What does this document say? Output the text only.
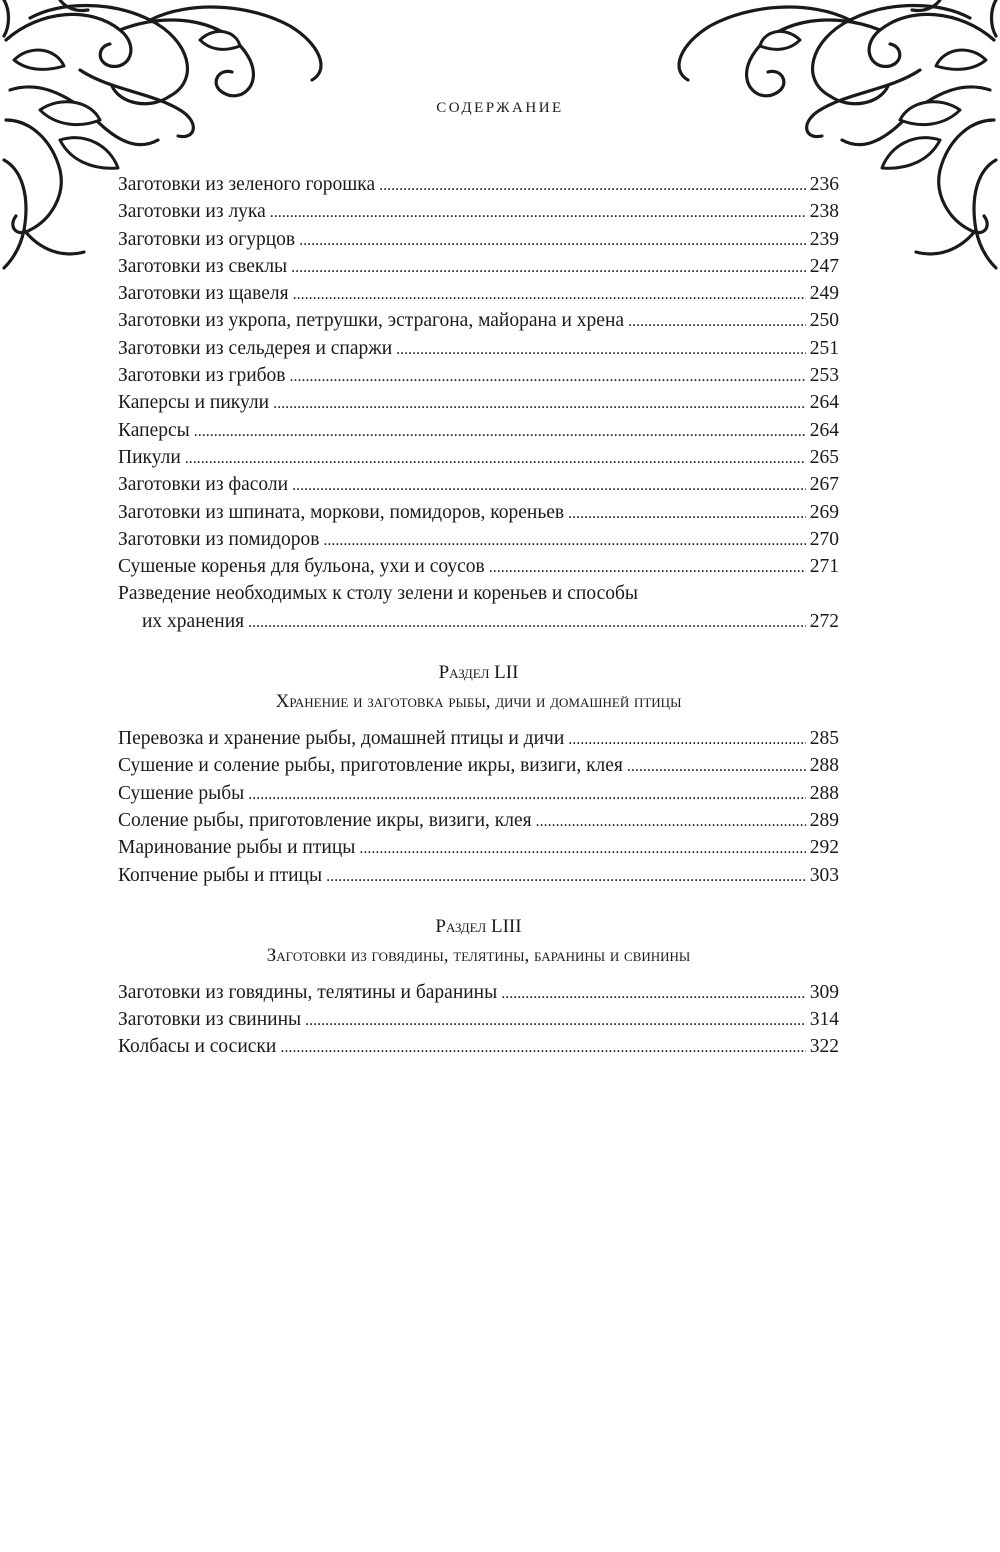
СОДЕРЖАНИЕ
Заготовки из зеленого горошка . . .	236
Заготовки из лука . . .	238
Заготовки из огурцов . . .	239
Заготовки из свеклы . . .	247
Заготовки из щавеля . . .	249
Заготовки из укропа, петрушки, эстрагона, майорана и хрена . . .	250
Заготовки из сельдерея и спаржи . . .	251
Заготовки из грибов . . .	253
Каперсы и пикули . . .	264
Каперсы . . .	264
Пикули . . .	265
Заготовки из фасоли . . .	267
Заготовки из шпината, моркови, помидоров, кореньев . . .	269
Заготовки из помидоров . . .	270
Сушеные коренья для бульона, ухи и соусов . . .	271
Разведение необходимых к столу зелени и кореньев и способы
их хранения . . .	272
Раздел LII
Хранение и заготовка рыбы, дичи и домашней птицы
Перевозка и хранение рыбы, домашней птицы и дичи . . .	285
Сушение и соление рыбы, приготовление икры, визиги, клея . . .	288
Сушение рыбы . . .	288
Соление рыбы, приготовление икры, визиги, клея . . .	289
Маринование рыбы и птицы . . .	292
Копчение рыбы и птицы . . .	303
Раздел LIII
Заготовки из говядины, телятины, баранины и свинины
Заготовки из говядины, телятины и баранины . . .	309
Заготовки из свинины . . .	314
Колбасы и сосиски . . .	322
